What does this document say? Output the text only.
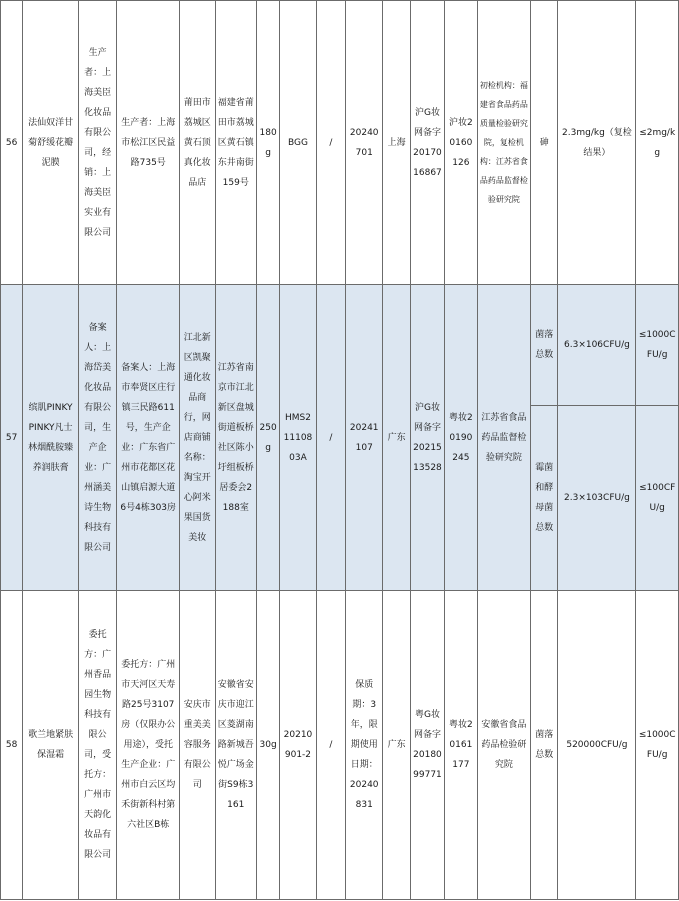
56	法仙奴洋甘菊舒缓花瓣泥膜	生产者：上海美臣化妆品有限公司，经销：上海美臣实业有限公司	生产者：上海市松江区民益路735号	莆田市荔城区黄石顶真化妆品店	福建省莆田市荔城区黄石镇东井南街159号	180g	BGG	/	20240701	上海	沪G妆网备字2017016867	沪妆20160126	初检机构：福建省食品药品质量检验研究院，复检机构：江苏省食品药品监督检验研究院	砷	2.3mg/kg（复检结果）	≤2mg/kg
57	缤肌PINKY PINKY凡士林烟酰胺臻养润肤膏	备案人：上海岱美化妆品有限公司，生产企业：广州涵美诗生物科技有限公司	备案人：上海市奉贤区庄行镇三民路611号，生产企业：广东省广州市花都区花山镇启源大道6号4栋303房	江北新区凯聚通化妆品商行，网店商铺名称：淘宝开心阿米果国货美妆	江苏省南京市江北新区盘城街道板桥社区陈小圩组板桥居委会2188室	250g	HMS21110803A	/	20241107	广东	沪G妆网备字2021513528	粤妆20190245	江苏省食品药品监督检验研究院	菌落总数	6.3×106CFU/g	≤1000CFU/g
														霉菌和酵母菌总数	2.3×103CFU/g	≤100CFU/g
58	歌兰地紧肤保湿霜	委托方：广州香品园生物科技有限公司，受托方：广州市天韵化妆品有限公司	委托方：广州市天河区天寿路25号3107房（仅限办公用途），受托生产企业：广州市白云区均禾街新科村第六社区B栋	安庆市重美美容服务有限公司	安徽省安庆市迎江区菱湖南路新城吾悦广场金街S9栋3161	30g	20210901-2	/	保质期：3年，限期使用日期：20240831	广东	粤G妆网备字2018099771	粤妆20161177	安徽省食品药品检验研究院	菌落总数	520000CFU/g	≤1000CFU/g
